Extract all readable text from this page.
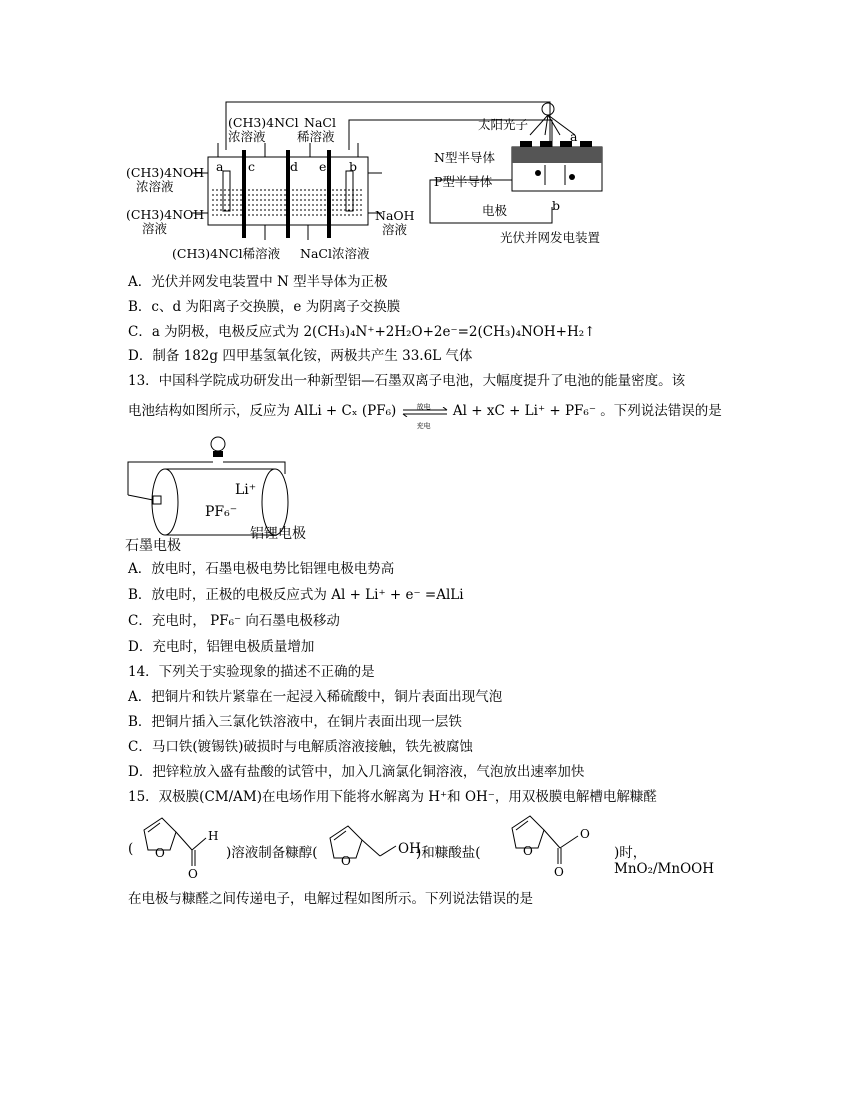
(CH3)4NCl
浓溶液
NaCl
稀溶液
(CH3)4NOH
浓溶液
(CH3)4NOH
溶液
NaOH
溶液
(CH3)4NCl稀溶液 NaCl浓溶液
a c	d e b
太阳光子
N型半导体
P型半导体
电极
a
b
光伏并网发电装置
A．光伏并网发电装置中 N 型半导体为正极
B．c、d 为阳离子交换膜，e 为阴离子交换膜
C．a 为阴极，电极反应式为 2(CH₃)₄N⁺+2H₂O+2e⁻=2(CH₃)₄NOH+H₂↑
D．制备 182g 四甲基氢氧化铵，两极共产生 33.6L 气体
13．中国科学院成功研发出一种新型铝—石墨双离子电池，大幅度提升了电池的能量密度。该
电池结构如图所示，反应为 AlLi + Cₓ (PF₆)	放电
充电
Al + xC + Li⁺ + PF₆⁻ 。下列说法错误的是
Li⁺
PF₆⁻
铝锂电极
石墨电极
A．放电时，石墨电极电势比铝锂电极电势高
B．放电时，正极的电极反应式为 Al + Li⁺ + e⁻ =AlLi
C．充电时， PF₆⁻ 向石墨电极移动
D．充电时，铝锂电极质量增加
14．下列关于实验现象的描述不正确的是
A．把铜片和铁片紧靠在一起浸入稀硫酸中，铜片表面出现气泡
B．把铜片插入三氯化铁溶液中，在铜片表面出现一层铁
C．马口铁(镀锡铁)破损时与电解质溶液接触，铁先被腐蚀
D．把锌粒放入盛有盐酸的试管中，加入几滴氯化铜溶液，气泡放出速率加快
15．双极膜(CM/AM)在电场作用下能将水解离为 H⁺和 OH⁻，用双极膜电解槽电解糠醛
( O
O
H
)溶液制备糠醇( O
OH
)和糠酸盐(	O
O
O
)时，MnO₂/MnOOH
在电极与糠醛之间传递电子，电解过程如图所示。下列说法错误的是
